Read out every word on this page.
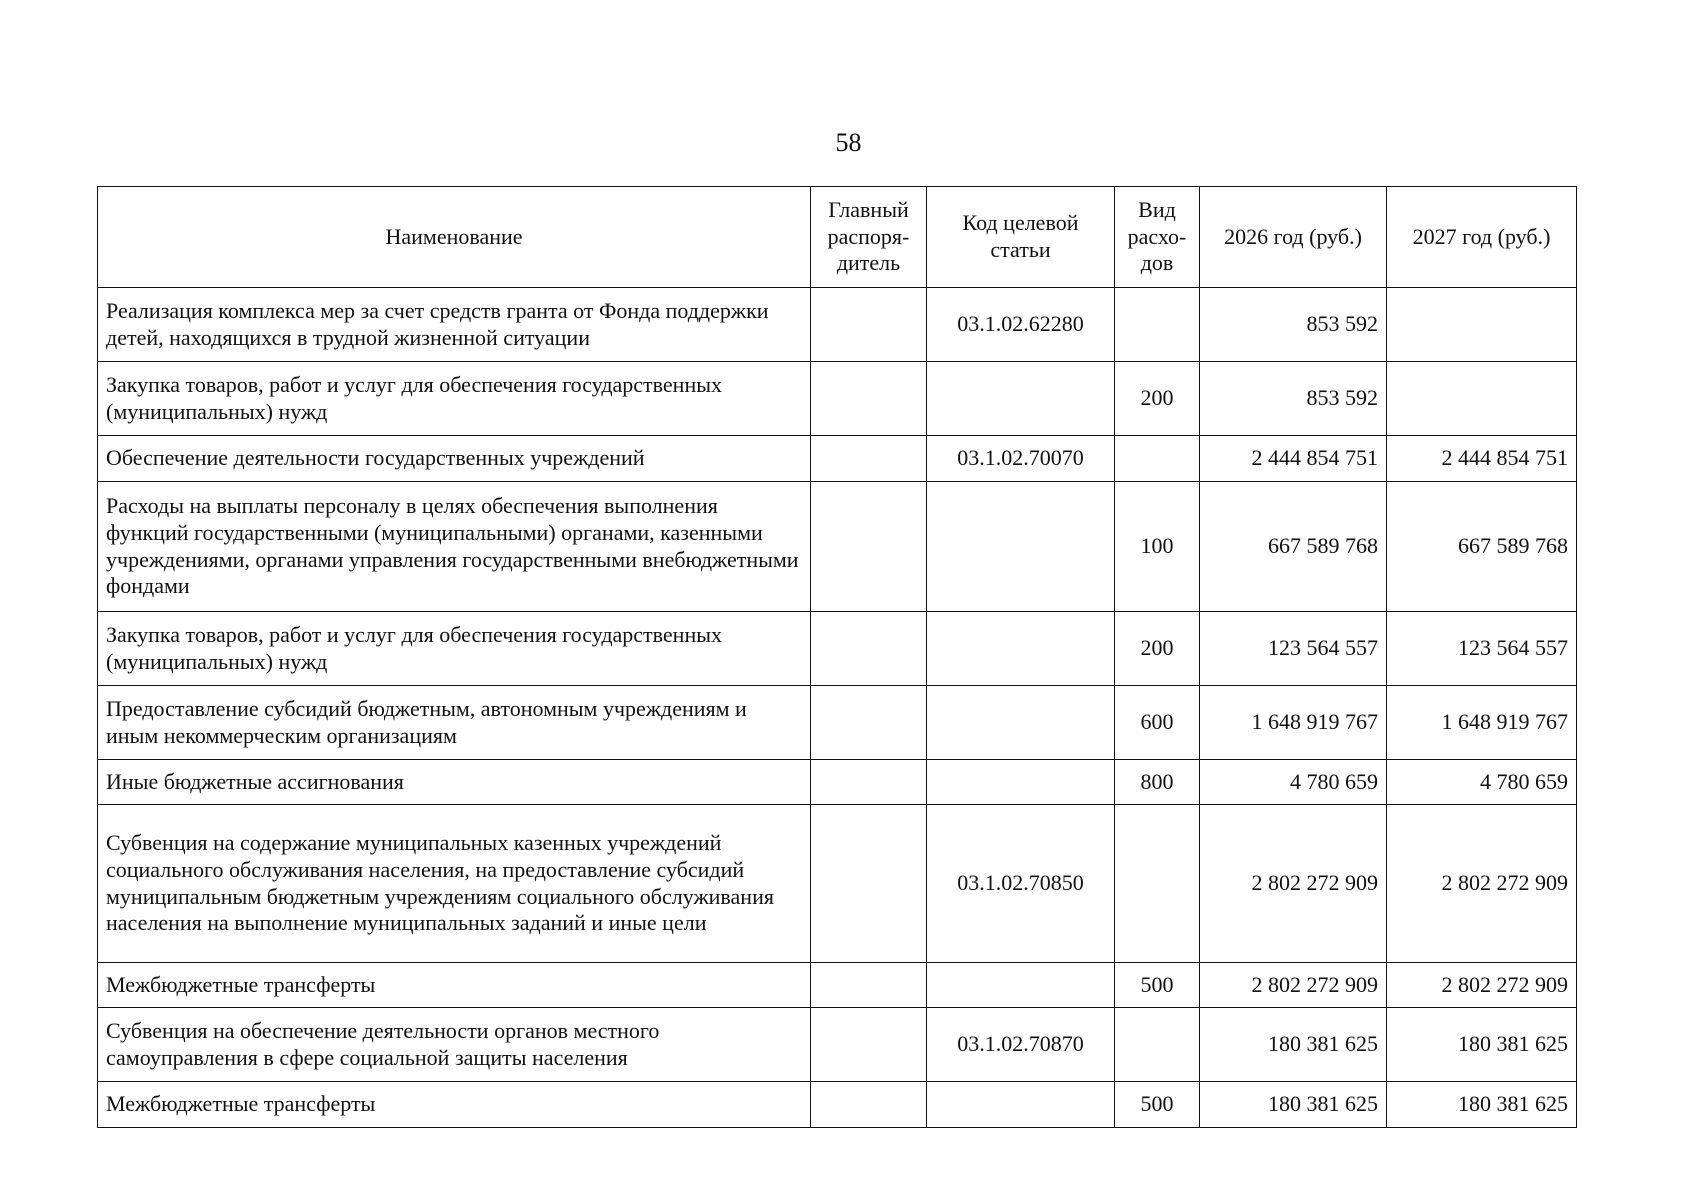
58
Наименование	Главный распоря-дитель	Код целевой статьи	Вид расхо-дов	2026 год (руб.)	2027 год (руб.)
Реализация комплекса мер за счет средств гранта от Фонда поддержки детей, находящихся в трудной жизненной ситуации		03.1.02.62280		853 592	
Закупка товаров, работ и услуг для обеспечения государственных (муниципальных) нужд			200	853 592	
Обеспечение деятельности государственных учреждений		03.1.02.70070		2 444 854 751	2 444 854 751
Расходы на выплаты персоналу в целях обеспечения выполнения функций государственными (муниципальными) органами, казенными учреждениями, органами управления государственными внебюджетными фондами			100	667 589 768	667 589 768
Закупка товаров, работ и услуг для обеспечения государственных (муниципальных) нужд			200	123 564 557	123 564 557
Предоставление субсидий бюджетным, автономным учреждениям и иным некоммерческим организациям			600	1 648 919 767	1 648 919 767
Иные бюджетные ассигнования			800	4 780 659	4 780 659
Субвенция на содержание муниципальных казенных учреждений социального обслуживания населения, на предоставление субсидий муниципальным бюджетным учреждениям социального обслуживания населения на выполнение муниципальных заданий и иные цели		03.1.02.70850		2 802 272 909	2 802 272 909
Межбюджетные трансферты			500	2 802 272 909	2 802 272 909
Субвенция на обеспечение деятельности органов местного самоуправления в сфере социальной защиты населения		03.1.02.70870		180 381 625	180 381 625
Межбюджетные трансферты			500	180 381 625	180 381 625
